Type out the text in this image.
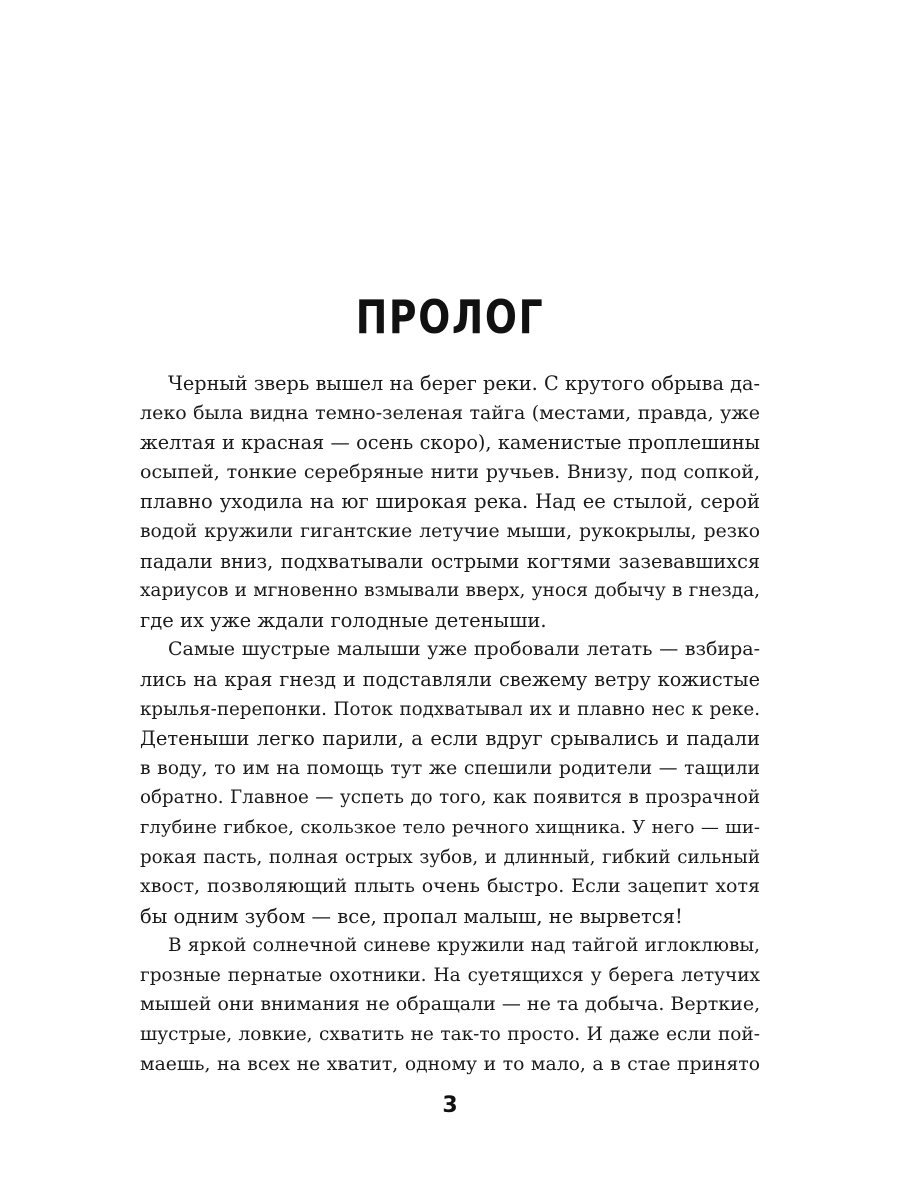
ПРОЛОГ
Черный зверь вышел на берег реки. С крутого обрыва да-
леко была видна темно-зеленая тайга (местами, правда, уже
желтая и красная — осень скоро), каменистые проплешины
осыпей, тонкие серебряные нити ручьев. Внизу, под сопкой,
плавно уходила на юг широкая река. Над ее стылой, серой
водой кружили гигантские летучие мыши, рукокрылы, резко
падали вниз, подхватывали острыми когтями зазевавшихся
хариусов и мгновенно взмывали вверх, унося добычу в гнезда,
где их уже ждали голодные детеныши.
Самые шустрые малыши уже пробовали летать — взбира-
лись на края гнезд и подставляли свежему ветру кожистые
крылья-перепонки. Поток подхватывал их и плавно нес к реке.
Детеныши легко парили, а если вдруг срывались и падали
в воду, то им на помощь тут же спешили родители — тащили
обратно. Главное — успеть до того, как появится в прозрачной
глубине гибкое, скользкое тело речного хищника. У него — ши-
рокая пасть, полная острых зубов, и длинный, гибкий сильный
хвост, позволяющий плыть очень быстро. Если зацепит хотя
бы одним зубом — все, пропал малыш, не вырвется!
В яркой солнечной синеве кружили над тайгой иглоклювы,
грозные пернатые охотники. На суетящихся у берега летучих
мышей они внимания не обращали — не та добыча. Верткие,
шустрые, ловкие, схватить не так-то просто. И даже если пой-
маешь, на всех не хватит, одному и то мало, а в стае принято
3
